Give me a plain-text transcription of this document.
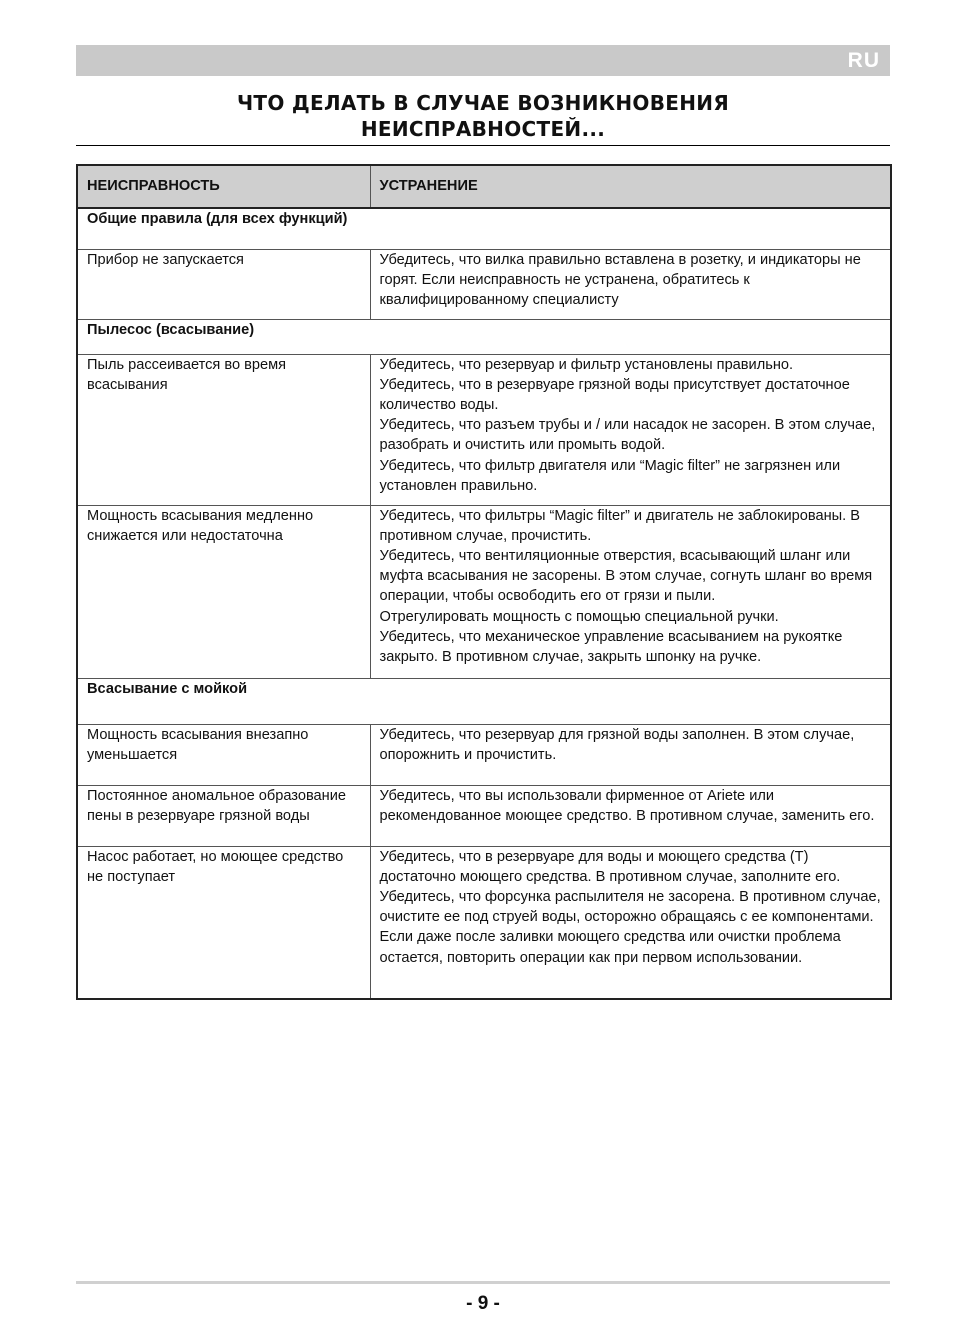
RU
ЧТО ДЕЛАТЬ В СЛУЧАЕ ВОЗНИКНОВЕНИЯ
НЕИСПРАВНОСТЕЙ...
НЕИСПРАВНОСТЬ	УСТРАНЕНИЕ
Общие правила (для всех функций)	
Прибор не запускается	Убедитесь, что вилка правильно вставлена в розетку, и индикаторы не горят. Если неисправность не устранена, обратитесь к квалифицированному специалисту
Пылесос (всасывание)	
Пыль рассеивается во время всасывания	Убедитесь, что резервуар и фильтр установлены правильно.
Убедитесь, что в резервуаре грязной воды присутствует достаточное количество воды.
Убедитесь, что разъем трубы и / или насадок не засорен. В этом случае, разобрать и очистить или промыть водой.
Убедитесь, что фильтр двигателя или “Magic filter” не загрязнен или установлен правильно.

Мощность всасывания медленно снижается или недостаточна	Убедитесь, что фильтры “Magic filter” и двигатель не заблокированы. В противном случае, прочистить.
Убедитесь, что вентиляционные отверстия, всасывающий шланг или муфта всасывания не засорены. В этом случае, согнуть шланг во время операции, чтобы освободить его от грязи и пыли.
Отрегулировать мощность с помощью специальной ручки.
Убедитесь, что механическое управление всасыванием на рукоятке закрыто. В противном случае, закрыть шпонку на ручке.

Всасывание с мойкой	
Мощность всасывания внезапно уменьшается	Убедитесь, что резервуар для грязной воды заполнен. В этом случае, опорожнить и прочистить.
Постоянное аномальное образование пены в резервуаре грязной воды	Убедитесь, что вы использовали фирменное от Ariete или рекомендованное моющее средство. В противном случае, заменить его.
Насос работает, но моющее средство не поступает	Убедитесь, что в резервуаре для воды и моющего средства (T) достаточно моющего средства. В противном случае, заполните его.
Убедитесь, что форсунка распылителя не засорена. В противном случае, очистите ее под струей воды, осторожно обращаясь с ее компонентами.
Если даже после заливки моющего средства или очистки проблема остается, повторить операции как при первом использовании.
- 9 -
